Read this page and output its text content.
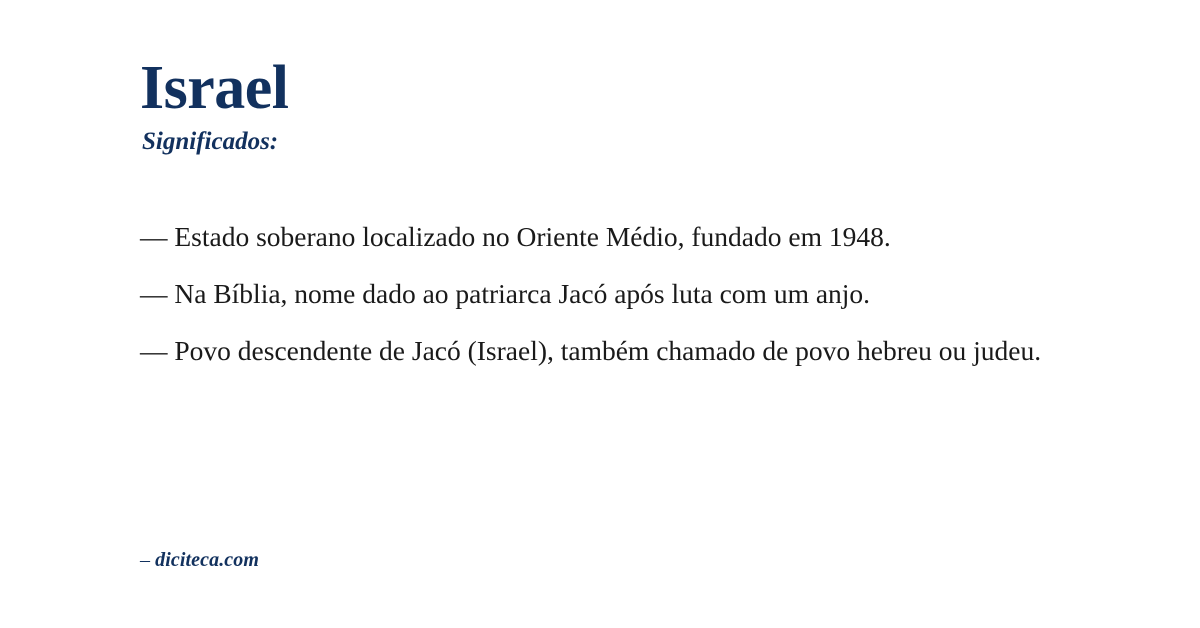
Israel
Significados:

— Estado soberano localizado no Oriente Médio, fundado em 1948.

— Na Bíblia, nome dado ao patriarca Jacó após luta com um anjo.

— Povo descendente de Jacó (Israel), também chamado de povo hebreu ou judeu.

– diciteca.com
